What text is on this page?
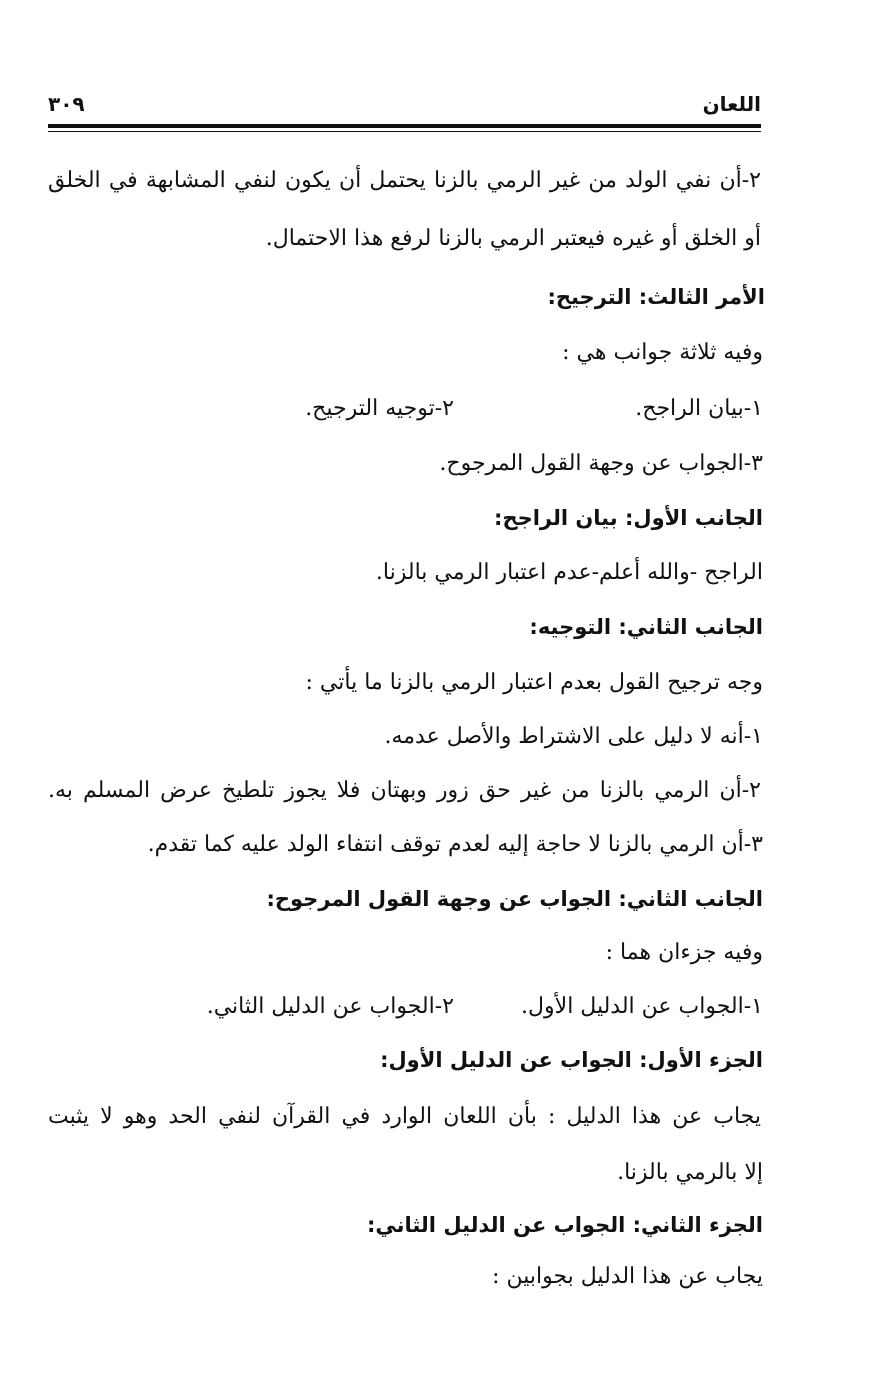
اللعان
٣٠٩
٢-أن نفي الولد من غير الرمي بالزنا يحتمل أن يكون لنفي المشابهة في الخلق
أو الخلق أو غيره فيعتبر الرمي بالزنا لرفع هذا الاحتمال.
الأمر الثالث: الترجيح:
وفيه ثلاثة جوانب هي :
١-بيان الراجح.
٢-توجيه الترجيح.
٣-الجواب عن وجهة القول المرجوح.
الجانب الأول: بيان الراجح:
الراجح -والله أعلم-عدم اعتبار الرمي بالزنا.
الجانب الثاني: التوجيه:
وجه ترجيح القول بعدم اعتبار الرمي بالزنا ما يأتي :
١-أنه لا دليل على الاشتراط والأصل عدمه.
٢-أن الرمي بالزنا من غير حق زور وبهتان فلا يجوز تلطيخ عرض المسلم به.
٣-أن الرمي بالزنا لا حاجة إليه لعدم توقف انتفاء الولد عليه كما تقدم.
الجانب الثاني: الجواب عن وجهة القول المرجوح:
وفيه جزءان هما :
١-الجواب عن الدليل الأول.
٢-الجواب عن الدليل الثاني.
الجزء الأول: الجواب عن الدليل الأول:
يجاب عن هذا الدليل : بأن اللعان الوارد في القرآن لنفي الحد وهو لا يثبت
إلا بالرمي بالزنا.
الجزء الثاني: الجواب عن الدليل الثاني:
يجاب عن هذا الدليل بجوابين :
